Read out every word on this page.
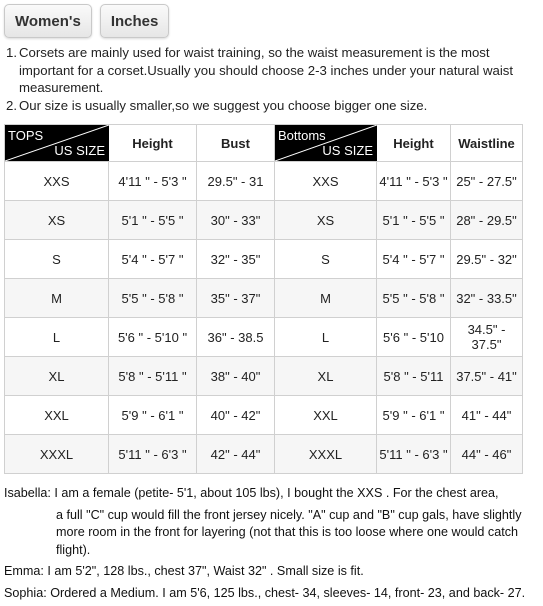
Women's	Inches
1. Corsets are mainly used for waist training, so the waist measurement is the most important for a corset.Usually you should choose 2-3 inches under your natural waist measurement.
2. Our size is usually smaller,so we suggest you choose bigger one size.
TOPS
US SIZE	Height	Bust
XXS	4'11 " - 5'3 "	29.5" - 31
XS	5'1 " - 5'5 "	30" - 33"
S	5'4 " - 5'7 "	32" - 35"
M	5'5 " - 5'8 "	35" - 37"
L	5'6 " - 5'10 "	36" - 38.5
XL	5'8 " - 5'11 "	38" - 40"
XXL	5'9 " - 6'1 "	40" - 42"
XXXL	5'11 " - 6'3 "	42" - 44"
Bottoms
US SIZE	Height	Waistline
XXS	4'11 " - 5'3 "	25" - 27.5"
XS	5'1 " - 5'5 "	28" - 29.5"
S	5'4 " - 5'7 "	29.5" - 32"
M	5'5 " - 5'8 "	32" - 33.5"
L	5'6 " - 5'10	34.5" - 37.5"
XL	5'8 " - 5'11	37.5" - 41"
XXL	5'9 " - 6'1 "	41" - 44"
XXXL	5'11 " - 6'3 "	44" - 46"

Isabella: I am a female (petite- 5'1, about 105 lbs), I bought the XXS . For the chest area,

a full "C" cup would fill the front jersey nicely. "A" cup and "B" cup gals, have slightly more room in the front for layering (not that this is too loose where one would catch flight).

Emma: I am 5'2", 128 lbs., chest 37", Waist 32" . Small size is fit.

Sophia: Ordered a Medium. I am 5'6, 125 lbs., chest- 34, sleeves- 14, front- 23, and back- 27.
